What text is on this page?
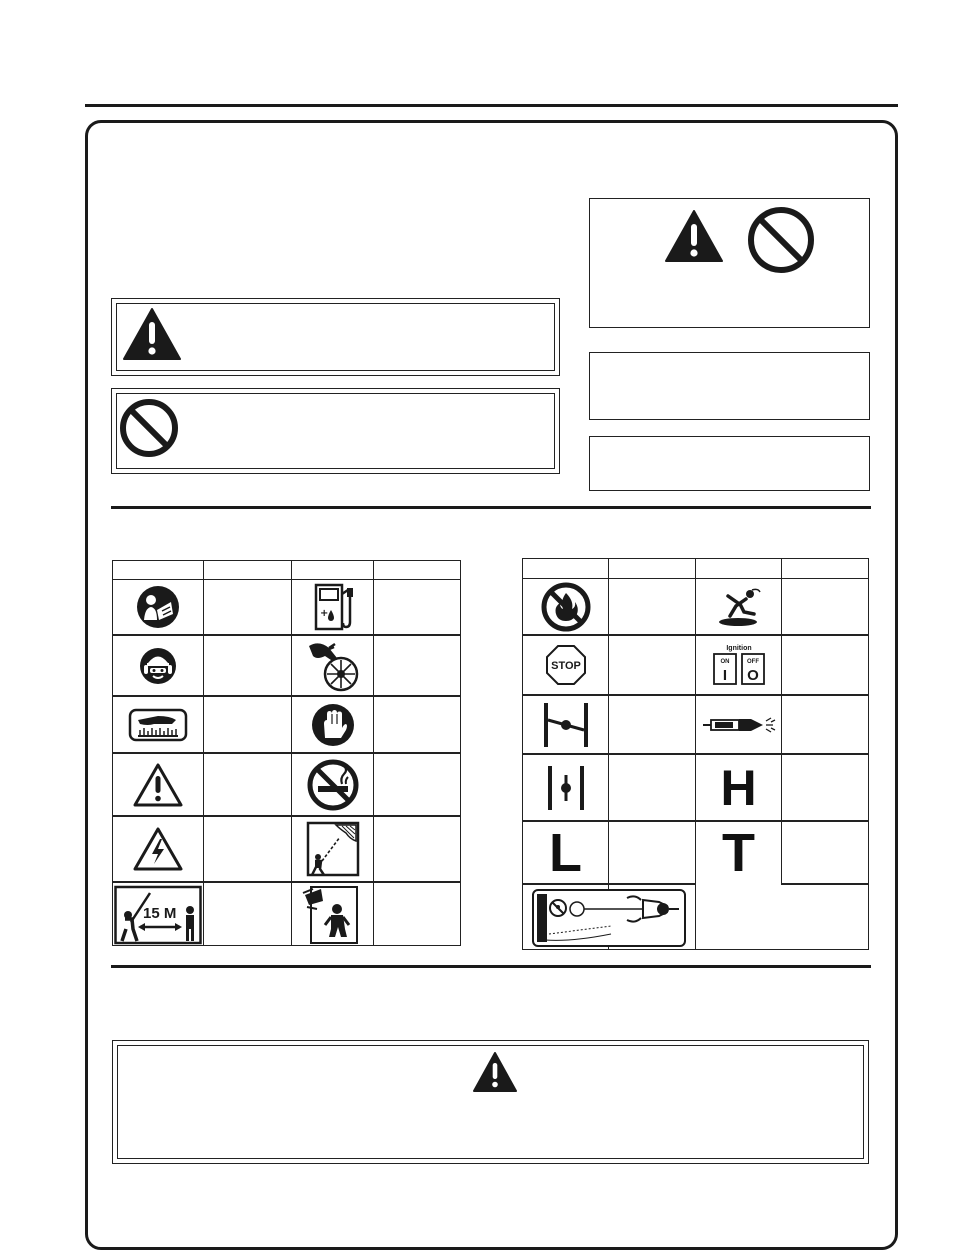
+
15 M
STOP
Ignition
ON	OFF
I O
H
L	T
